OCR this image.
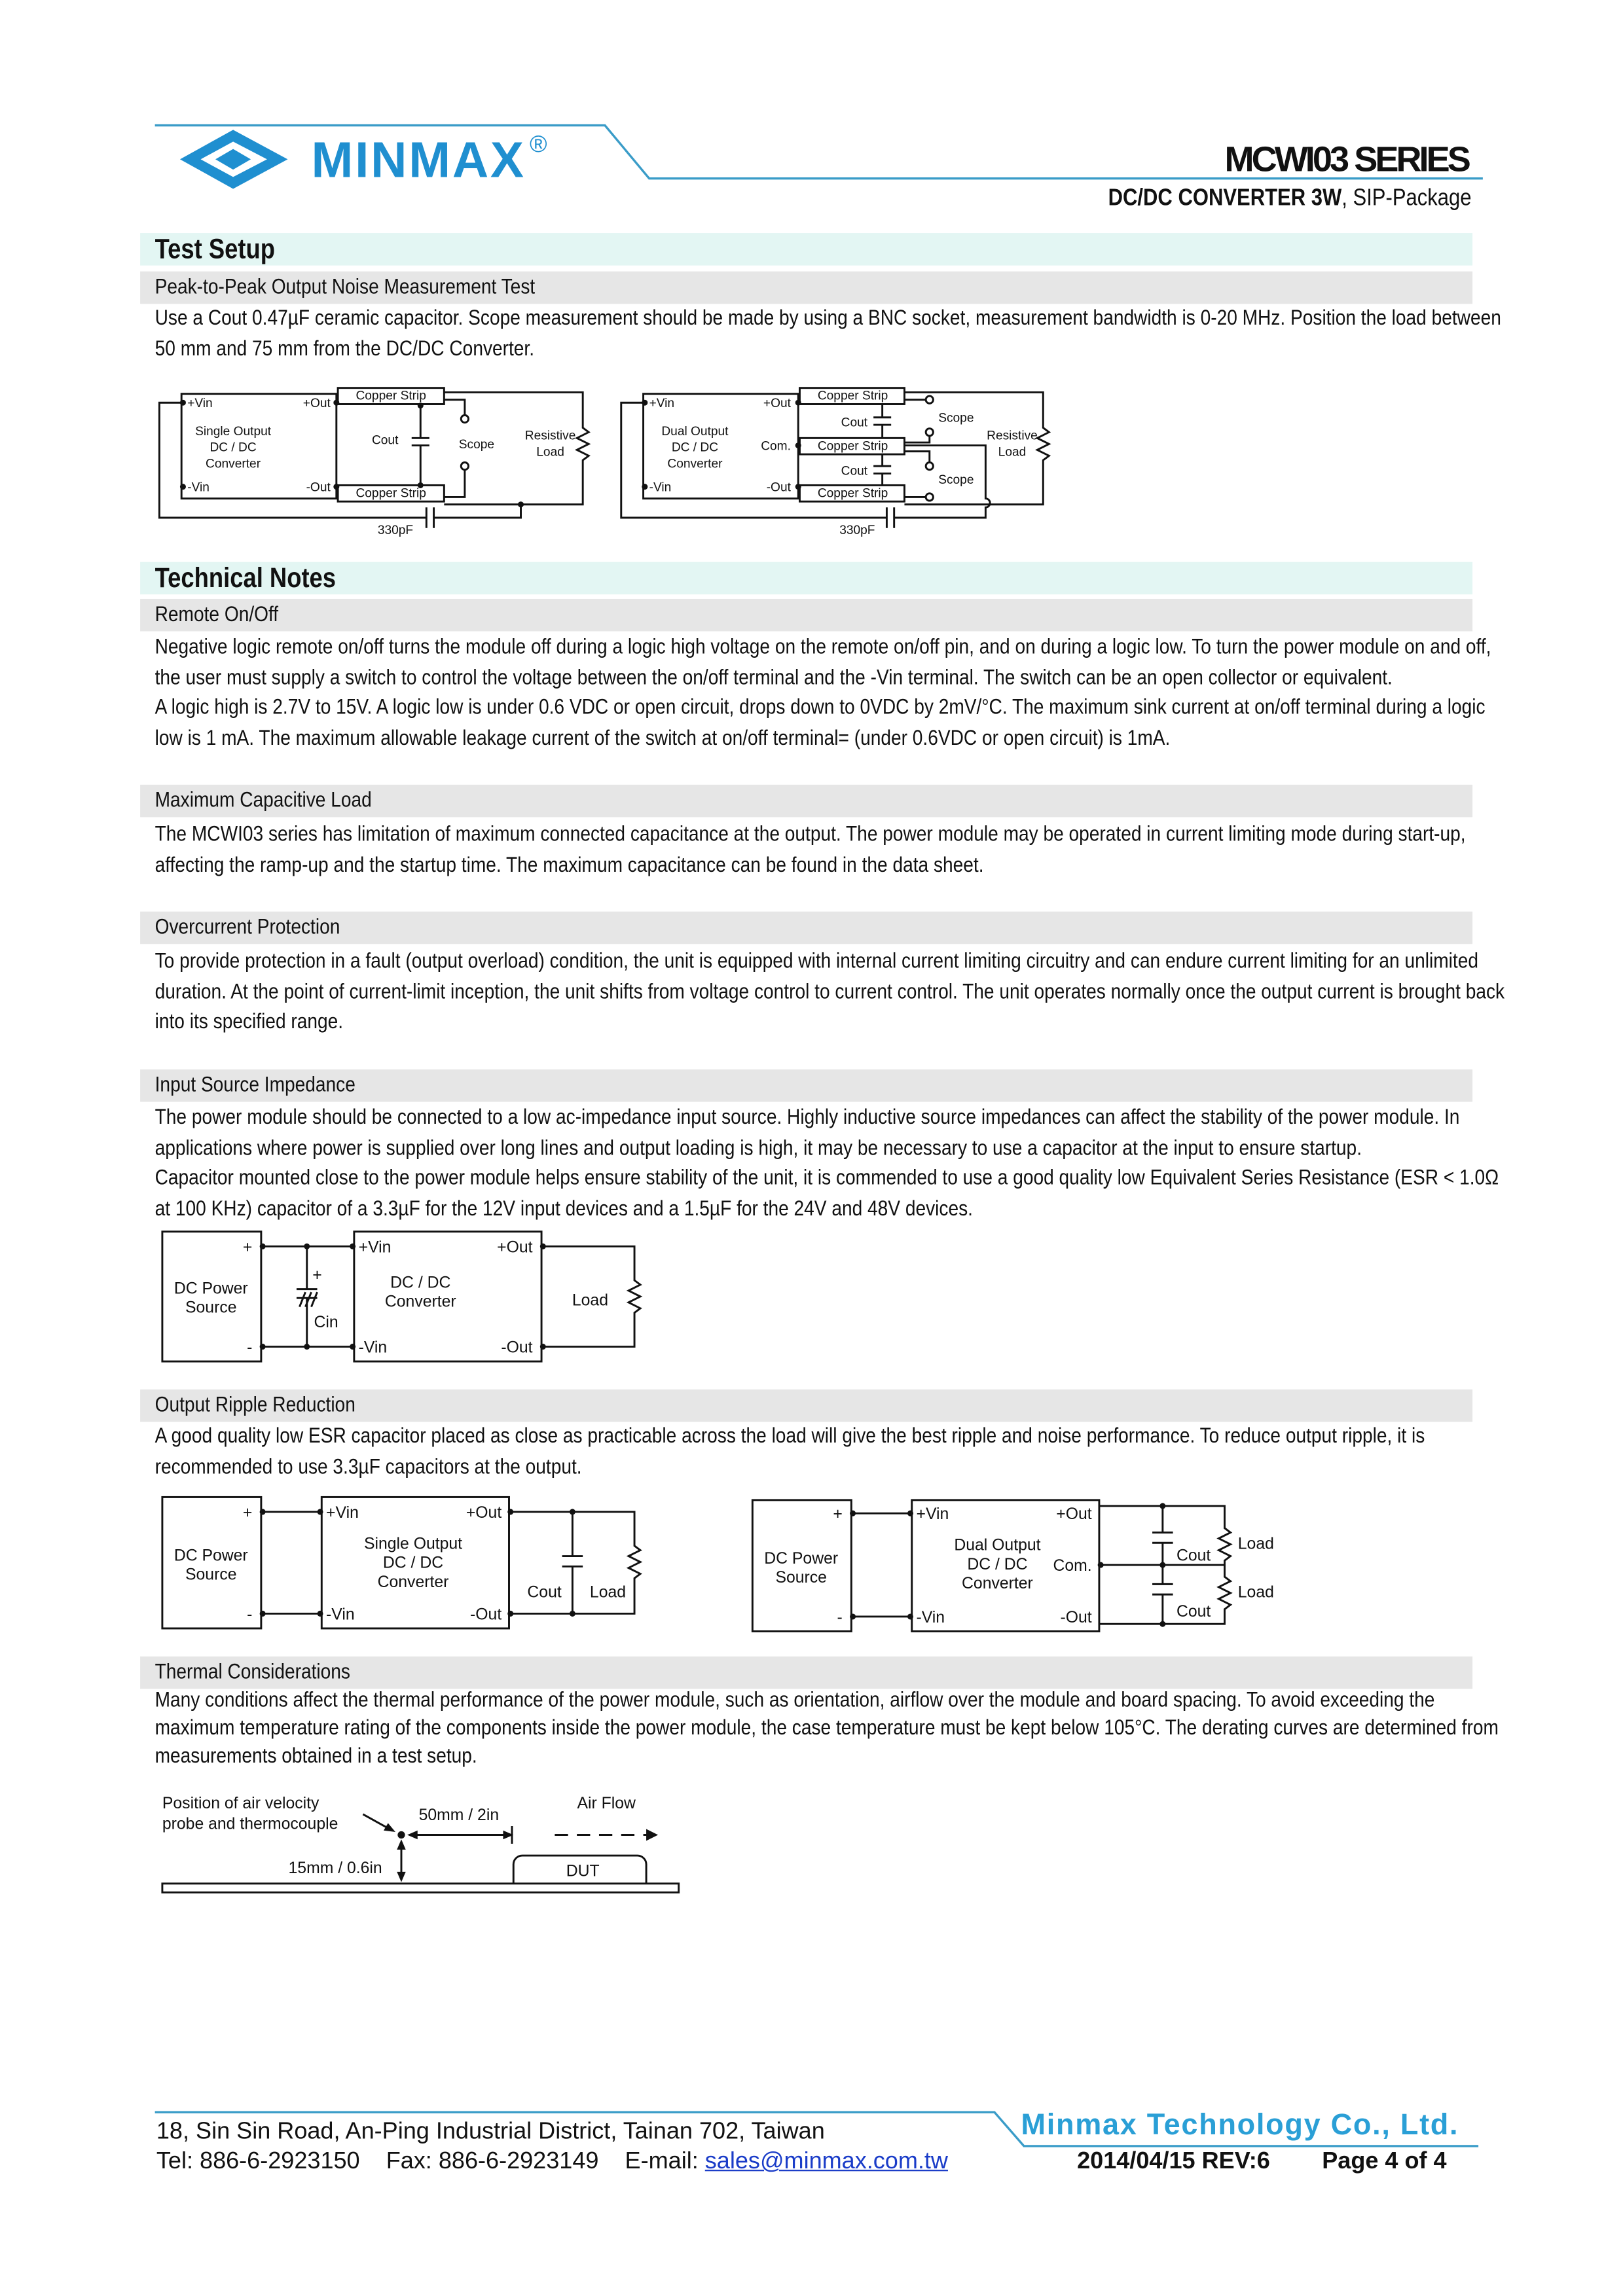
MINMAX ®	MCWI03 SERIES
DC/DC CONVERTER 3W, SIP-Package
Test Setup
Peak-to-Peak Output Noise Measurement Test
Use a Cout 0.47µF ceramic capacitor. Scope measurement should be made by using a BNC socket, measurement bandwidth is 0-20 MHz. Position the load between
50 mm and 75 mm from the DC/DC Converter.
+Vin
-Vin
+Out
-Out
Single Output
DC / DC
Converter
Copper Strip
Copper Strip
Cout	Scope
Resistive
Load
330pF
+Vin
-Vin
+Out
Com.
-Out
Dual Output
DC / DC
Converter
Copper Strip
Copper Strip
Copper Strip
Cout
Cout
Scope
Scope
Resistive
Load
330pF
Technical Notes
Remote On/Off
Negative logic remote on/off turns the module off during a logic high voltage on the remote on/off pin, and on during a logic low. To turn the power module on and off,
the user must supply a switch to control the voltage between the on/off terminal and the -Vin terminal. The switch can be an open collector or equivalent.
A logic high is 2.7V to 15V. A logic low is under 0.6 VDC or open circuit, drops down to 0VDC by 2mV/°C. The maximum sink current at on/off terminal during a logic
low is 1 mA. The maximum allowable leakage current of the switch at on/off terminal= (under 0.6VDC or open circuit) is 1mA.
Maximum Capacitive Load
The MCWI03 series has limitation of maximum connected capacitance at the output. The power module may be operated in current limiting mode during start-up,
affecting the ramp-up and the startup time. The maximum capacitance can be found in the data sheet.
Overcurrent Protection
To provide protection in a fault (output overload) condition, the unit is equipped with internal current limiting circuitry and can endure current limiting for an unlimited
duration. At the point of current-limit inception, the unit shifts from voltage control to current control. The unit operates normally once the output current is brought back
into its specified range.
Input Source Impedance
The power module should be connected to a low ac-impedance input source. Highly inductive source impedances can affect the stability of the power module. In
applications where power is supplied over long lines and output loading is high, it may be necessary to use a capacitor at the input to ensure startup.
Capacitor mounted close to the power module helps ensure stability of the unit, it is commended to use a good quality low Equivalent Series Resistance (ESR < 1.0Ω
at 100 KHz) capacitor of a 3.3µF for the 12V input devices and a 1.5µF for the 24V and 48V devices.
DC Power
Source
+
-
+
Cin
+Vin
-Vin
+Out
-Out
DC / DC
Converter	Load
Output Ripple Reduction
A good quality low ESR capacitor placed as close as practicable across the load will give the best ripple and noise performance. To reduce output ripple, it is
recommended to use 3.3µF capacitors at the output.
DC Power
Source
+
-
+Vin
-Vin
+Out
-Out
Single Output
DC / DC
Converter
Cout	Load
DC Power
Source
+
-
+Vin
-Vin
+Out
Com.
-Out
Dual Output
DC / DC
Converter
Cout
Cout
Load
Load
Thermal Considerations
Many conditions affect the thermal performance of the power module, such as orientation, airflow over the module and board spacing. To avoid exceeding the
maximum temperature rating of the components inside the power module, the case temperature must be kept below 105°C. The derating curves are determined from
measurements obtained in a test setup.
Position of air velocity
probe and thermocouple
50mm / 2in
Air Flow
15mm / 0.6in	DUT
Minmax Technology Co., Ltd.
18, Sin Sin Road, An-Ping Industrial District, Tainan 702, Taiwan
Tel: 886-6-2923150	Fax: 886-6-2923149	E-mail: sales@minmax.com.tw	2014/04/15 REV:6	Page 4 of 4
